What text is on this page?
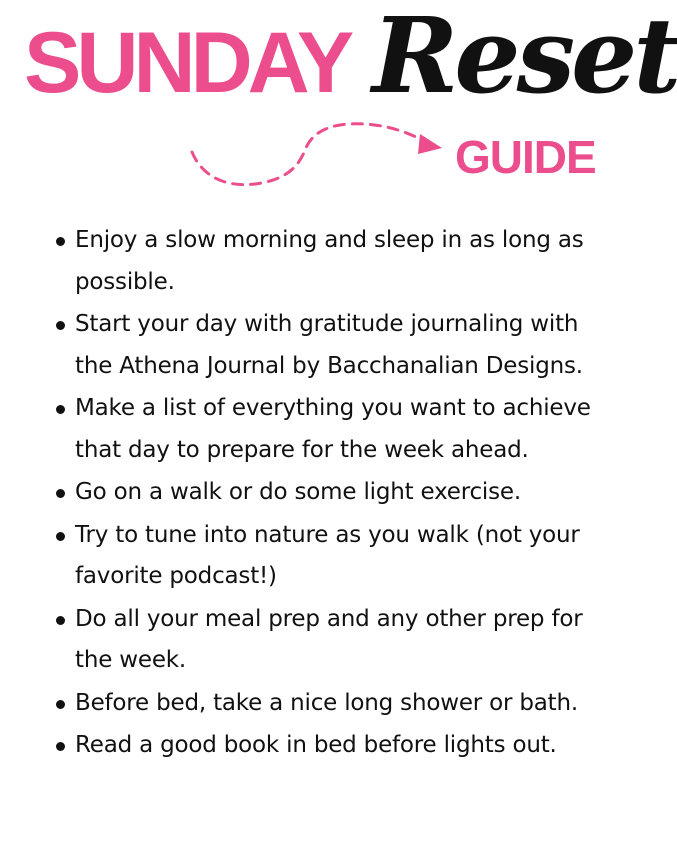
SUNDAY Reset
GUIDE
Enjoy a slow morning and sleep in as long as possible.
Start your day with gratitude journaling with the Athena Journal by Bacchanalian Designs.
Make a list of everything you want to achieve that day to prepare for the week ahead.
Go on a walk or do some light exercise.
Try to tune into nature as you walk (not your favorite podcast!)
Do all your meal prep and any other prep for the week.
Before bed, take a nice long shower or bath.
Read a good book in bed before lights out.
